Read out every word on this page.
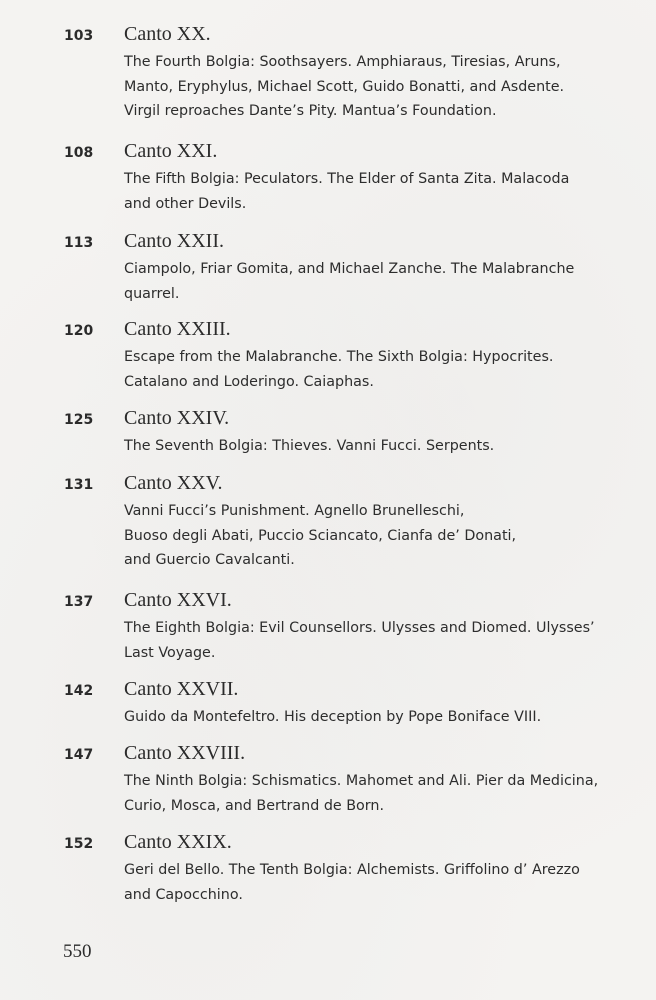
103	Canto XX.
The Fourth Bolgia: Soothsayers. Amphiaraus, Tiresias, Aruns,
Manto, Eryphylus, Michael Scott, Guido Bonatti, and Asdente.
Virgil reproaches Dante’s Pity. Mantua’s Foundation.
108	Canto XXI.
The Fifth Bolgia: Peculators. The Elder of Santa Zita. Malacoda
and other Devils.
113	Canto XXII.
Ciampolo, Friar Gomita, and Michael Zanche. The Malabranche
quarrel.
120	Canto XXIII.
Escape from the Malabranche. The Sixth Bolgia: Hypocrites.
Catalano and Loderingo. Caiaphas.
125	Canto XXIV.
The Seventh Bolgia: Thieves. Vanni Fucci. Serpents.
131	Canto XXV.
Vanni Fucci’s Punishment. Agnello Brunelleschi,
Buoso degli Abati, Puccio Sciancato, Cianfa de’ Donati,
and Guercio Cavalcanti.
137	Canto XXVI.
The Eighth Bolgia: Evil Counsellors. Ulysses and Diomed. Ulysses’
Last Voyage.
142	Canto XXVII.
Guido da Montefeltro. His deception by Pope Boniface VIII.
147	Canto XXVIII.
The Ninth Bolgia: Schismatics. Mahomet and Ali. Pier da Medicina,
Curio, Mosca, and Bertrand de Born.
152	Canto XXIX.
Geri del Bello. The Tenth Bolgia: Alchemists. Griffolino d’ Arezzo
and Capocchino.
550
